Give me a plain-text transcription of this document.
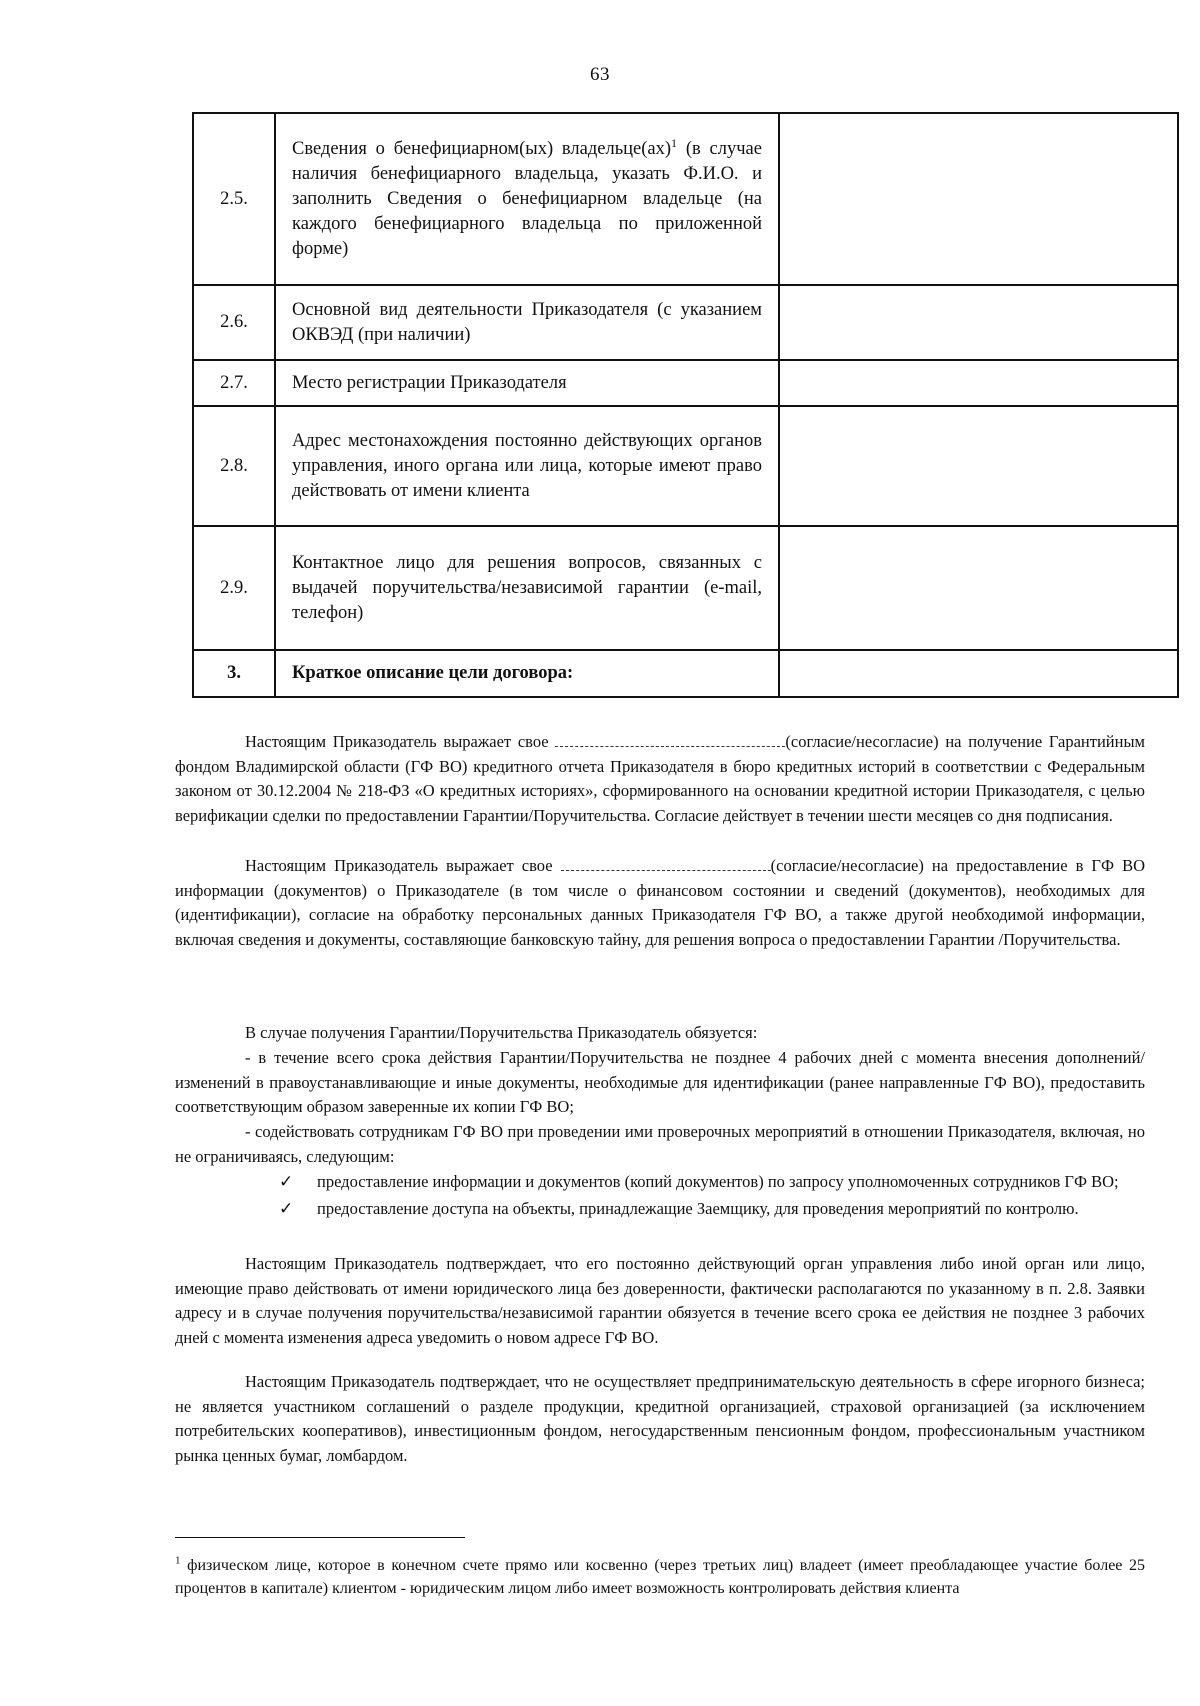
63
2.5.	Сведения о бенефициарном(ых) владельце(ах)$^1$ (в случае наличия бенефициарного владельца, указать Ф.И.О. и заполнить Сведения о бенефициарном владельце (на каждого бенефициарного владельца по приложенной форме)	

2.6.	Основной вид деятельности Приказодателя (с указанием ОКВЭД (при наличии)	

2.7.	Место регистрации Приказодателя	

2.8.	Адрес местонахождения постоянно действующих органов управления, иного органа или лица, которые имеют право действовать от имени клиента	

2.9.	Контактное лицо для решения вопросов, связанных с выдачей поручительства/независимой гарантии (e-mail, телефон)	

3.	Краткое описание цели договора:	

Настоящим Приказодатель выражает свое	(согласие/несогласие) на получение Гарантийным фондом Владимирской области (ГФ ВО) кредитного отчета Приказодателя в бюро кредитных историй в соответствии с Федеральным законом от 30.12.2004 № 218-ФЗ «О кредитных историях», сформированного на основании кредитной истории Приказодателя, с целью верификации сделки по предоставлении Гарантии/Поручительства. Согласие действует в течении шести месяцев со дня подписания.
Настоящим Приказодатель выражает свое	(согласие/несогласие) на предоставление в ГФ ВО информации (документов) о Приказодателе (в том числе о финансовом состоянии и сведений (документов), необходимых для (идентификации), согласие на обработку персональных данных Приказодателя ГФ ВО, а также другой необходимой информации, включая сведения и документы, составляющие банковскую тайну, для решения вопроса о предоставлении Гарантии /Поручительства.
В случае получения Гарантии/Поручительства Приказодатель обязуется:
- в течение всего срока действия Гарантии/Поручительства не позднее 4 рабочих дней с момента внесения дополнений/изменений в правоустанавливающие и иные документы, необходимые для идентификации (ранее направленные ГФ ВО), предоставить соответствующим образом заверенные их копии ГФ ВО;
- содействовать сотрудникам ГФ ВО при проведении ими проверочных мероприятий в отношении Приказодателя, включая, но не ограничиваясь, следующим:
✓ предоставление информации и документов (копий документов) по запросу уполномоченных сотрудников ГФ ВО;
✓ предоставление доступа на объекты, принадлежащие Заемщику, для проведения мероприятий по контролю.
Настоящим Приказодатель подтверждает, что его постоянно действующий орган управления либо иной орган или лицо, имеющие право действовать от имени юридического лица без доверенности, фактически располагаются по указанному в п. 2.8. Заявки адресу и в случае получения поручительства/независимой гарантии обязуется в течение всего срока ее действия не позднее 3 рабочих дней с момента изменения адреса уведомить о новом адресе ГФ ВО.
Настоящим Приказодатель подтверждает, что не осуществляет предпринимательскую деятельность в сфере игорного бизнеса; не является участником соглашений о разделе продукции, кредитной организацией, страховой организацией (за исключением потребительских кооперативов), инвестиционным фондом, негосударственным пенсионным фондом, профессиональным участником рынка ценных бумаг, ломбардом.
$^1$ физическом лице, которое в конечном счете прямо или косвенно (через третьих лиц) владеет (имеет преобладающее участие более 25 процентов в капитале) клиентом - юридическим лицом либо имеет возможность контролировать действия клиента
